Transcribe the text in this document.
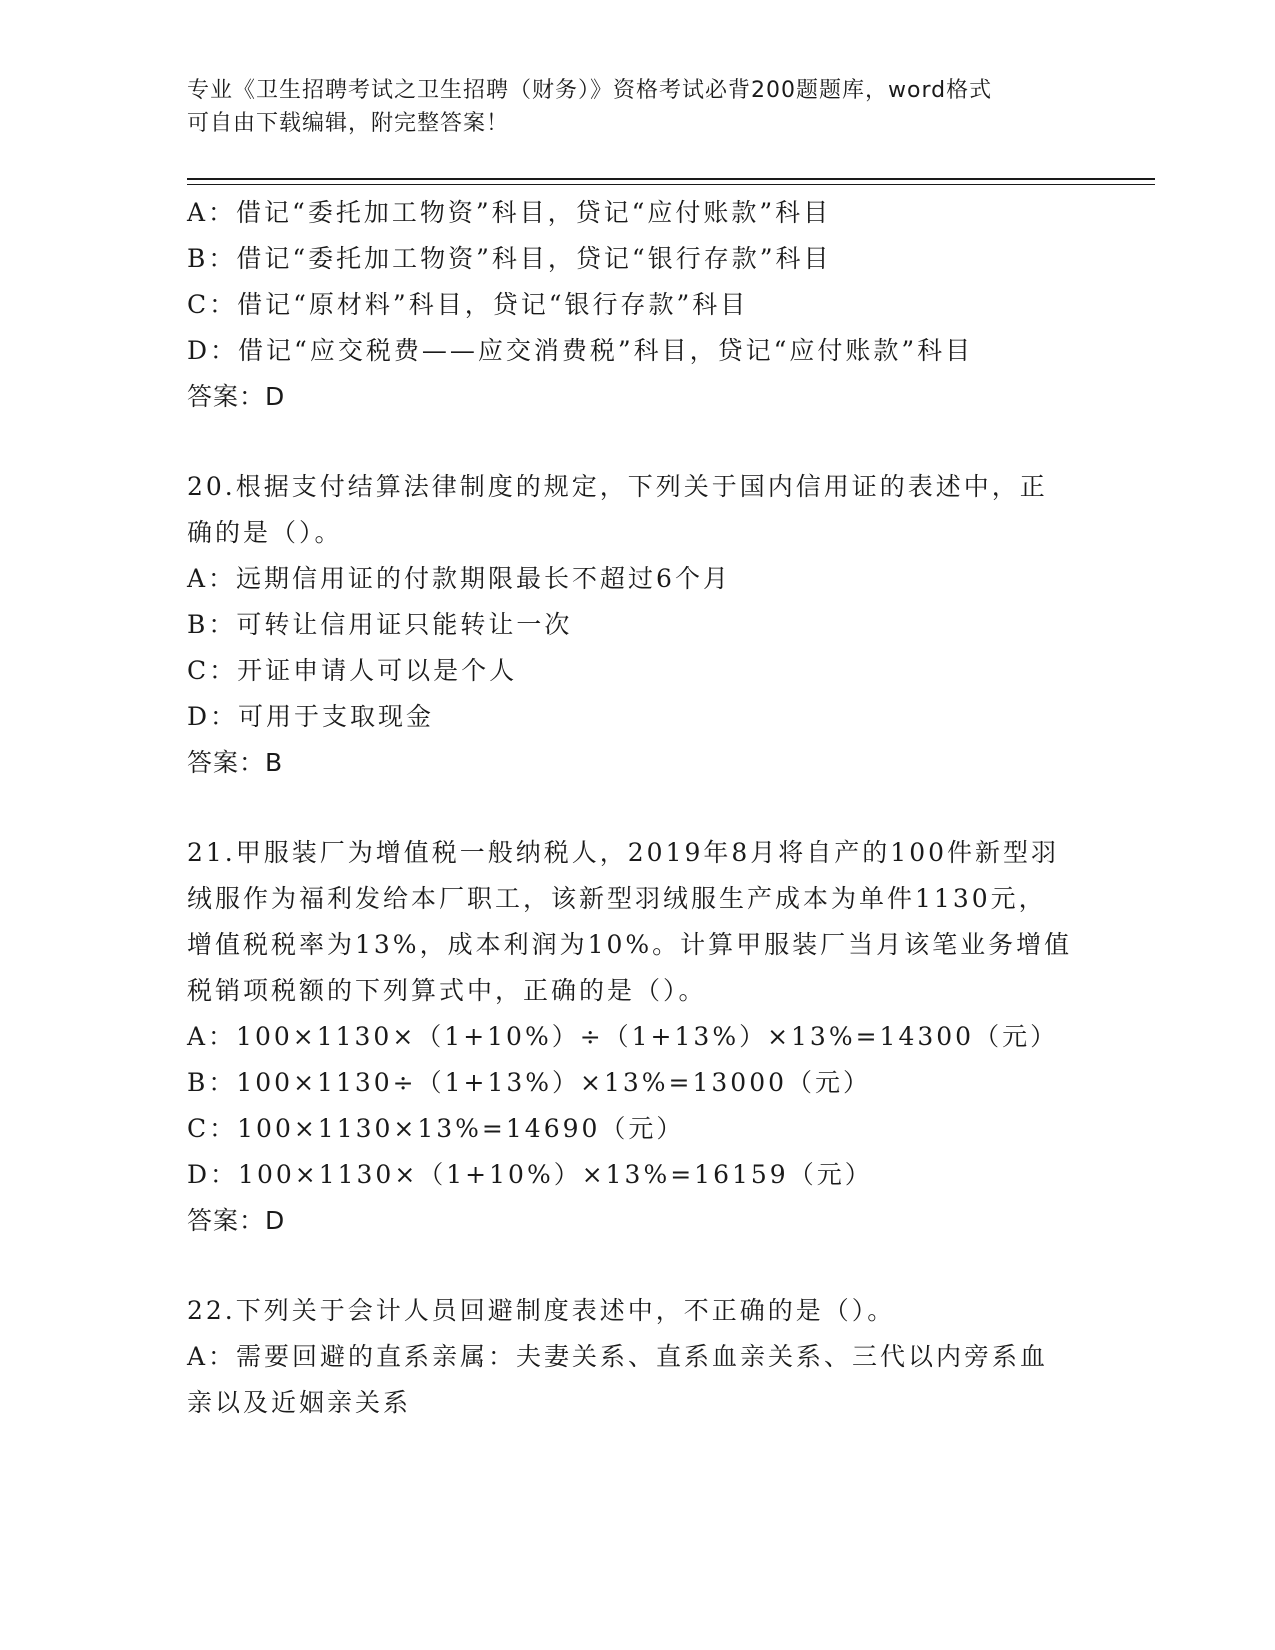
专业《卫生招聘考试之卫生招聘（财务）》资格考试必背200题题库，word格式
可自由下载编辑，附完整答案！
A：借记“委托加工物资”科目，贷记“应付账款”科目
B：借记“委托加工物资”科目，贷记“银行存款”科目
C：借记“原材料”科目，贷记“银行存款”科目
D：借记“应交税费——应交消费税”科目，贷记“应付账款”科目
答案：D
20.根据支付结算法律制度的规定，下列关于国内信用证的表述中，正
确的是（）。
A：远期信用证的付款期限最长不超过6个月
B：可转让信用证只能转让一次
C：开证申请人可以是个人
D：可用于支取现金
答案：B
21.甲服装厂为增值税一般纳税人，2019年8月将自产的100件新型羽
绒服作为福利发给本厂职工，该新型羽绒服生产成本为单件1130元，
增值税税率为13%，成本利润为10%。计算甲服装厂当月该笔业务增值
税销项税额的下列算式中，正确的是（）。
A：100×1130×（1+10%）÷（1+13%）×13%=14300（元）
B：100×1130÷（1+13%）×13%=13000（元）
C：100×1130×13%=14690（元）
D：100×1130×（1+10%）×13%=16159（元）
答案：D
22.下列关于会计人员回避制度表述中，不正确的是（）。
A：需要回避的直系亲属：夫妻关系、直系血亲关系、三代以内旁系血
亲以及近姻亲关系
